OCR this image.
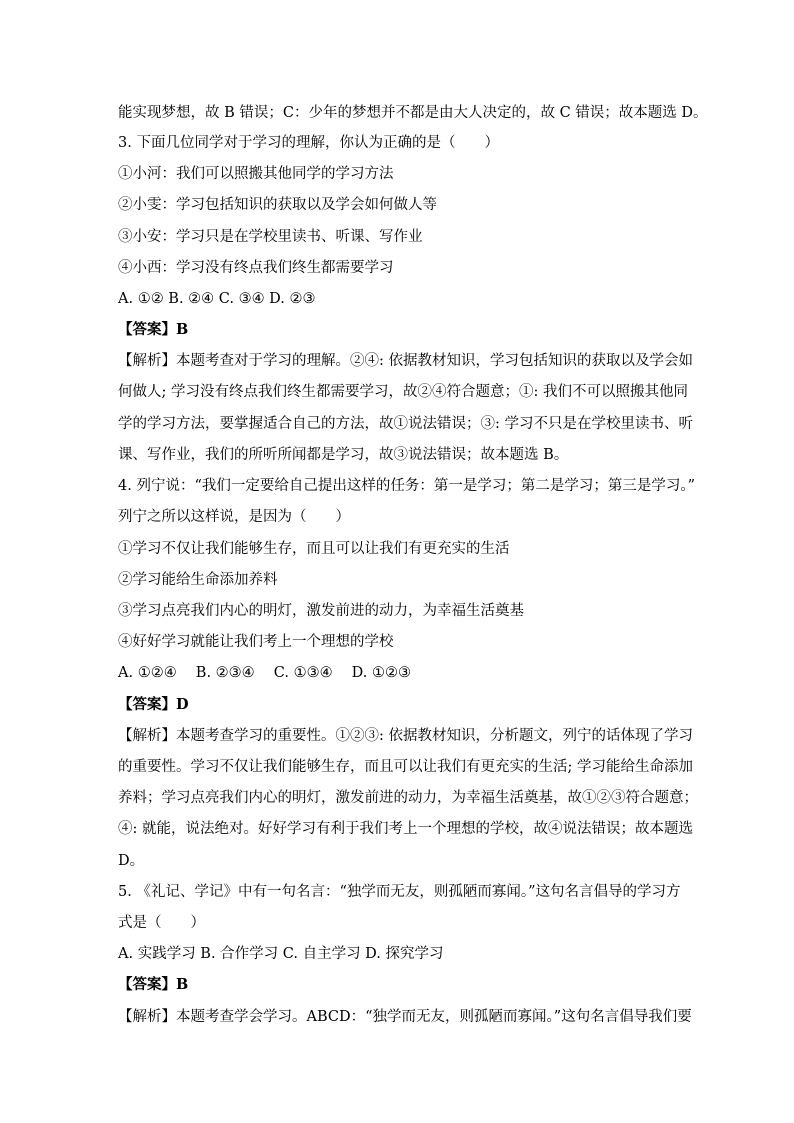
能实现梦想，故 B 错误；C：少年的梦想并不都是由大人决定的，故 C 错误；故本题选 D。
3. 下面几位同学对于学习的理解，你认为正确的是（　　）
①小河：我们可以照搬其他同学的学习方法
②小雯：学习包括知识的获取以及学会如何做人等
③小安：学习只是在学校里读书、听课、写作业
④小西：学习没有终点我们终生都需要学习
A. ①② B. ②④ C. ③④ D. ②③
【答案】B
【解析】本题考查对于学习的理解。②④: 依据教材知识，学习包括知识的获取以及学会如
何做人; 学习没有终点我们终生都需要学习，故②④符合题意；①: 我们不可以照搬其他同
学的学习方法，要掌握适合自己的方法，故①说法错误；③: 学习不只是在学校里读书、听
课、写作业，我们的所听所闻都是学习，故③说法错误；故本题选 B。
4. 列宁说：“我们一定要给自己提出这样的任务：第一是学习；第二是学习；第三是学习。”
列宁之所以这样说，是因为（　　）
①学习不仅让我们能够生存，而且可以让我们有更充实的生活
②学习能给生命添加养料
③学习点亮我们内心的明灯，激发前进的动力，为幸福生活奠基
④好好学习就能让我们考上一个理想的学校
A. ①②④　 B. ②③④　 C. ①③④　 D. ①②③
【答案】D
【解析】本题考查学习的重要性。①②③: 依据教材知识，分析题文，列宁的话体现了学习
的重要性。学习不仅让我们能够生存，而且可以让我们有更充实的生活; 学习能给生命添加
养料；学习点亮我们内心的明灯，激发前进的动力，为幸福生活奠基，故①②③符合题意；
④: 就能，说法绝对。好好学习有利于我们考上一个理想的学校，故④说法错误；故本题选
D。
5. 《礼记、学记》中有一句名言：“独学而无友，则孤陋而寡闻。”这句名言倡导的学习方
式是（　　）
A. 实践学习 B. 合作学习 C. 自主学习 D. 探究学习
【答案】B
【解析】本题考查学会学习。ABCD：“独学而无友，则孤陋而寡闻。”这句名言倡导我们要
